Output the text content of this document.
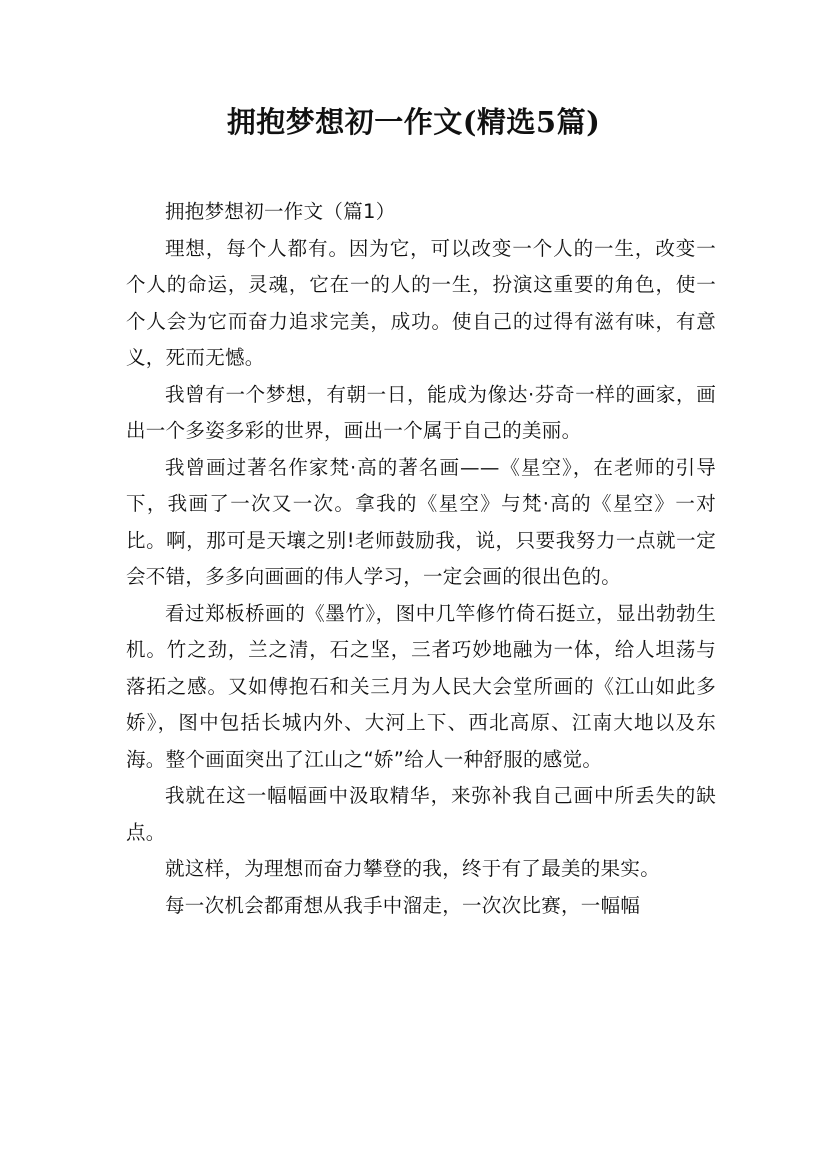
拥抱梦想初一作文(精选5篇)

拥抱梦想初一作文（篇1）

理想，每个人都有。因为它，可以改变一个人的一生，改变一个人的命运，灵魂，它在一的人的一生，扮演这重要的角色，使一个人会为它而奋力追求完美，成功。使自己的过得有滋有味，有意义，死而无憾。

我曾有一个梦想，有朝一日，能成为像达·芬奇一样的画家，画出一个多姿多彩的世界，画出一个属于自己的美丽。

我曾画过著名作家梵·高的著名画——《星空》，在老师的引导下，我画了一次又一次。拿我的《星空》与梵·高的《星空》一对比。啊，那可是天壤之别!老师鼓励我，说，只要我努力一点就一定会不错，多多向画画的伟人学习，一定会画的很出色的。

看过郑板桥画的《墨竹》，图中几竿修竹倚石挺立，显出勃勃生机。竹之劲，兰之清，石之坚，三者巧妙地融为一体，给人坦荡与落拓之感。又如傅抱石和关三月为人民大会堂所画的《江山如此多娇》，图中包括长城内外、大河上下、西北高原、江南大地以及东海。整个画面突出了江山之“娇”给人一种舒服的感觉。

我就在这一幅幅画中汲取精华，来弥补我自己画中所丢失的缺点。

就这样，为理想而奋力攀登的我，终于有了最美的果实。

每一次机会都甭想从我手中溜走，一次次比赛，一幅幅
